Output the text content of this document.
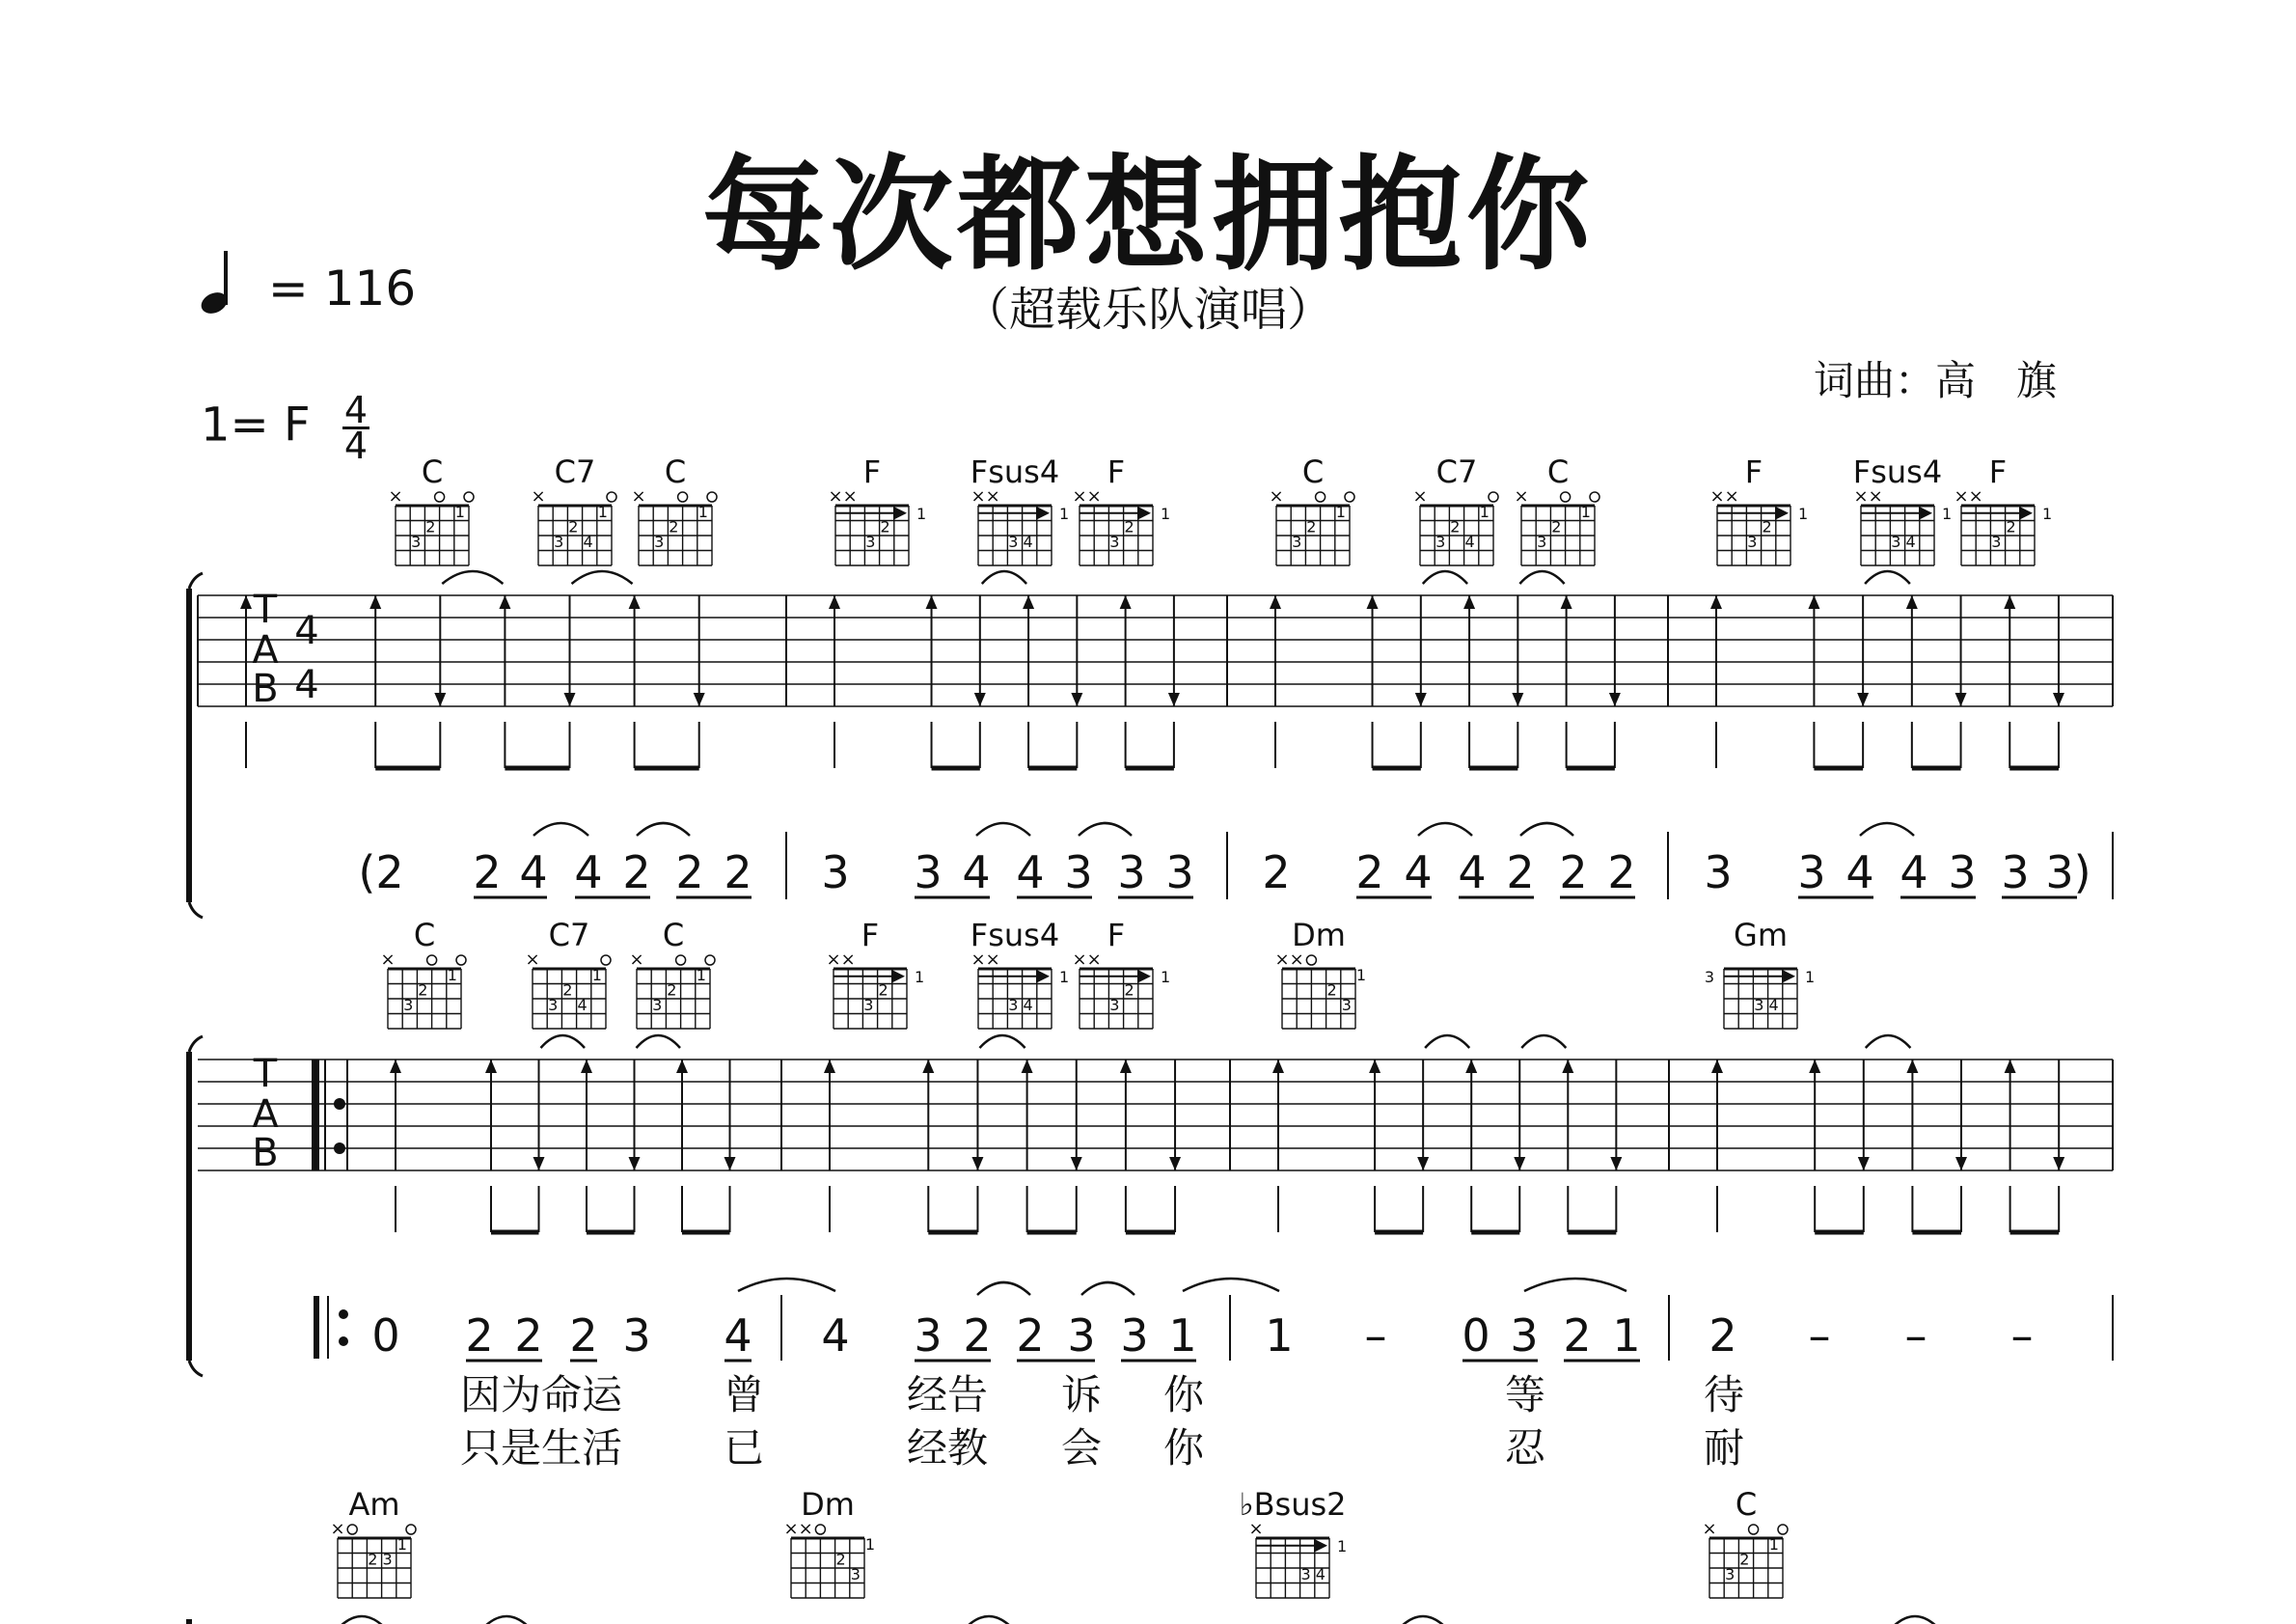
每次都想拥抱你
（超载乐队演唱）
= 116
1= F $\frac{4}{4}$
词曲：高　旗
C
×
1
2
3
C7
×
1
2
3 4
C
×
1
2
3
F
× ×
2
3
1
Fsus4
× ×
3 4
1
F
× ×
2
3
1
C
×
1
2
3
C7
×
1
2
3 4
C
×
1
2
3
F
× ×
2
3
1
Fsus4
× ×
3 4
1
F
× ×
2
3
1
T
A
B
4
4
(2 2 4 4 2 2 2 3 3 4 4 3 3 3 2 2 4 4 2 2 2 3 3 4 4 3 3 3)
C
×
1
2
3
C7
×
1
2
3 4
C
×
1
2
3
F
× ×
2
3
1
Fsus4
× ×
3 4
1
F
× ×
2
3
1
Dm
× ×
1
2
3
Gm
3 4
1
3
T
A
B
0 2 2 2 3 4 4 3 2 2 3 3 1 1 – 0 3 2 1 2 – – –
因为命运 曾	经告 诉 你	等	待
只是生活 已	经教 会 你	忍	耐
Am
×
1
2 3
Dm
× ×
1
2
3
♭Bsus2
×
3 4
1
C
×
1
2
3
